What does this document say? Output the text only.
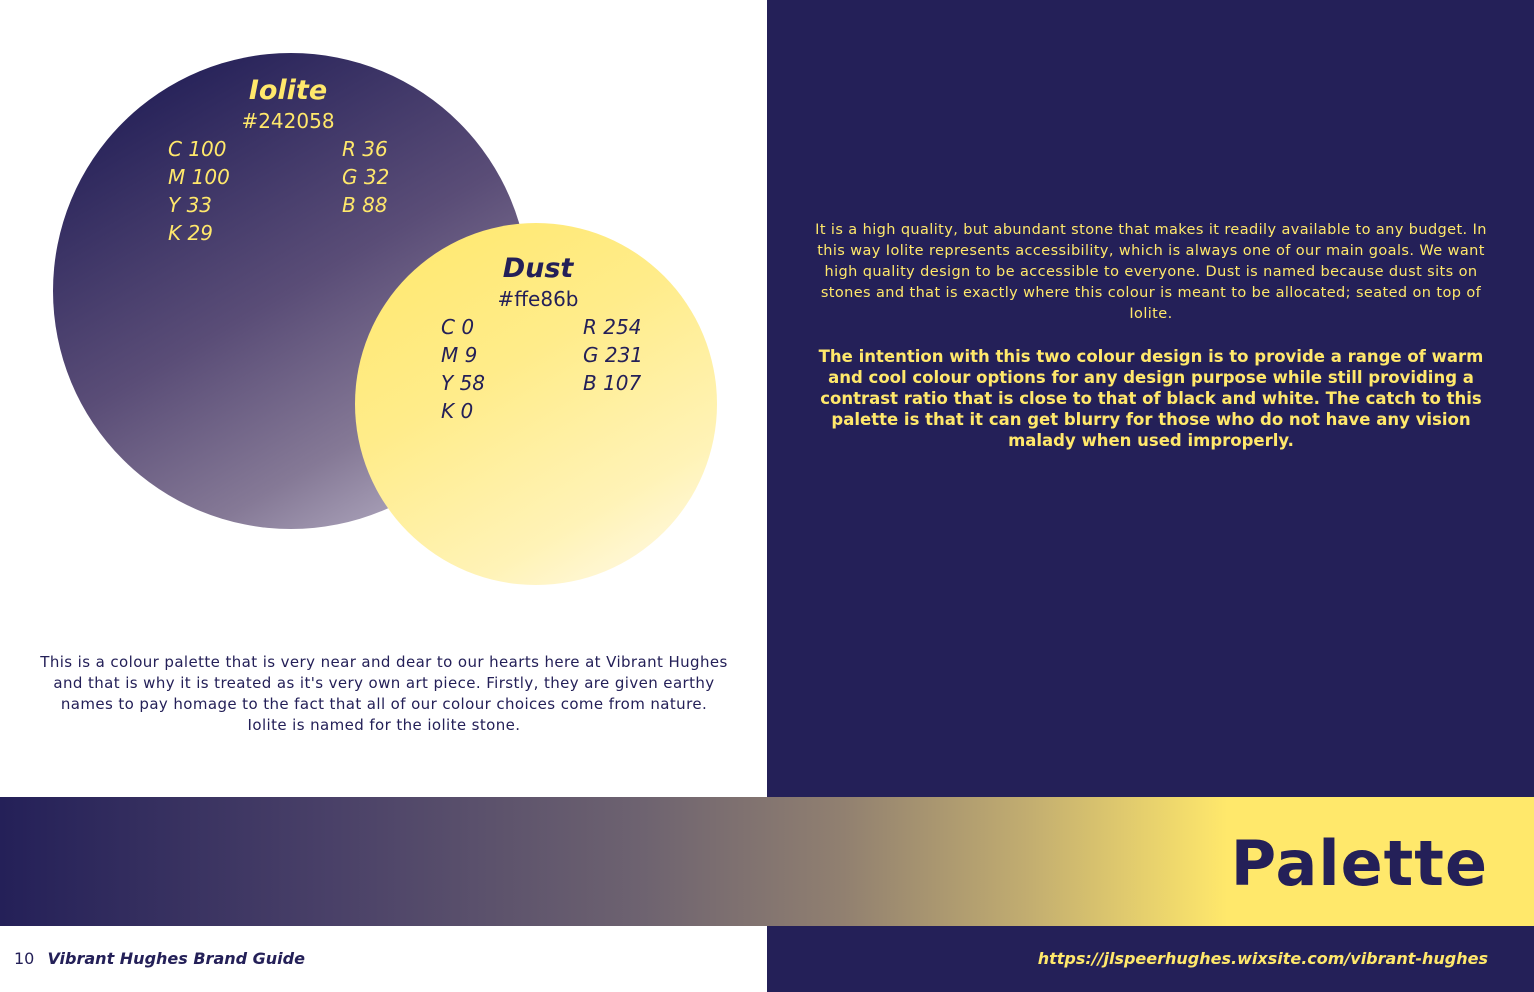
Iolite
#242058
C 100
M 100
Y 33
K 29
R 36
G 32
B 88
Dust
#ffe86b
C 0
M 9
Y 58
K 0
R 254
G 231
B 107
This is a colour palette that is very near and dear to our hearts here at Vibrant Hughes and that is why it is treated as it's very own art piece. Firstly, they are given earthy names to pay homage to the fact that all of our colour choices come from nature. Iolite is named for the iolite stone.
It is a high quality, but abundant stone that makes it readily available to any budget. In this way Iolite represents accessibility, which is always one of our main goals. We want high quality design to be accessible to everyone. Dust is named because dust sits on stones and that is exactly where this colour is meant to be allocated; seated on top of Iolite.
The intention with this two colour design is to provide a range of warm and cool colour options for any design purpose while still providing a contrast ratio that is close to that of black and white. The catch to this palette is that it can get blurry for those who do not have any vision malady when used improperly.
Palette
10 Vibrant Hughes Brand Guide	https://jlspeerhughes.wixsite.com/vibrant-hughes
